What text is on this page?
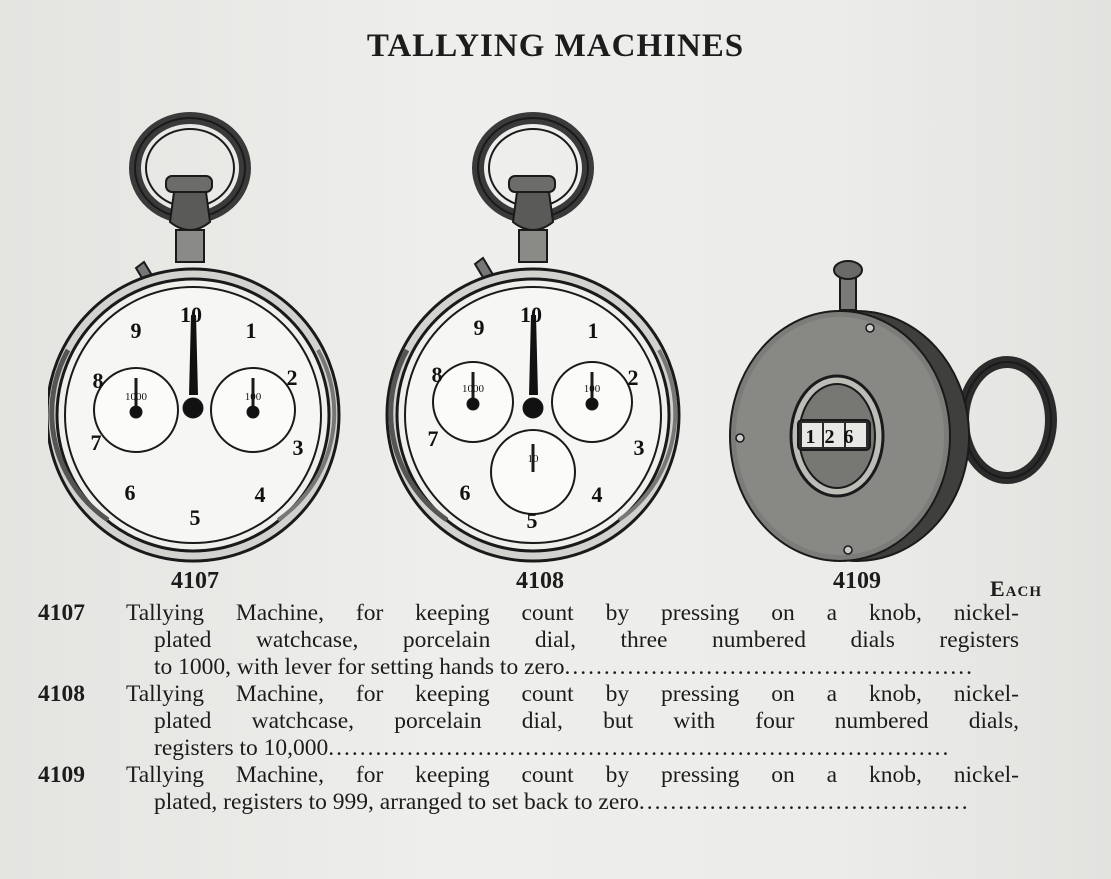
TALLYING MACHINES
10
1
2
3
4
5
6
7
8
9
1000	100
4107
10
1
2
3
4
5
6
7
8
9
1000	100
10
4108
126
4109	Each
4107 Tallying Machine, for keeping count by pressing on a knob, nickel-
plated watchcase, porcelain dial, three numbered dials registers
to 1000, with lever for setting hands to zero....................................................
4108 Tallying Machine, for keeping count by pressing on a knob, nickel-
plated watchcase, porcelain dial, but with four numbered dials,
registers to 10,000...............................................................................
4109 Tallying Machine, for keeping count by pressing on a knob, nickel-
plated, registers to 999, arranged to set back to zero..........................................
